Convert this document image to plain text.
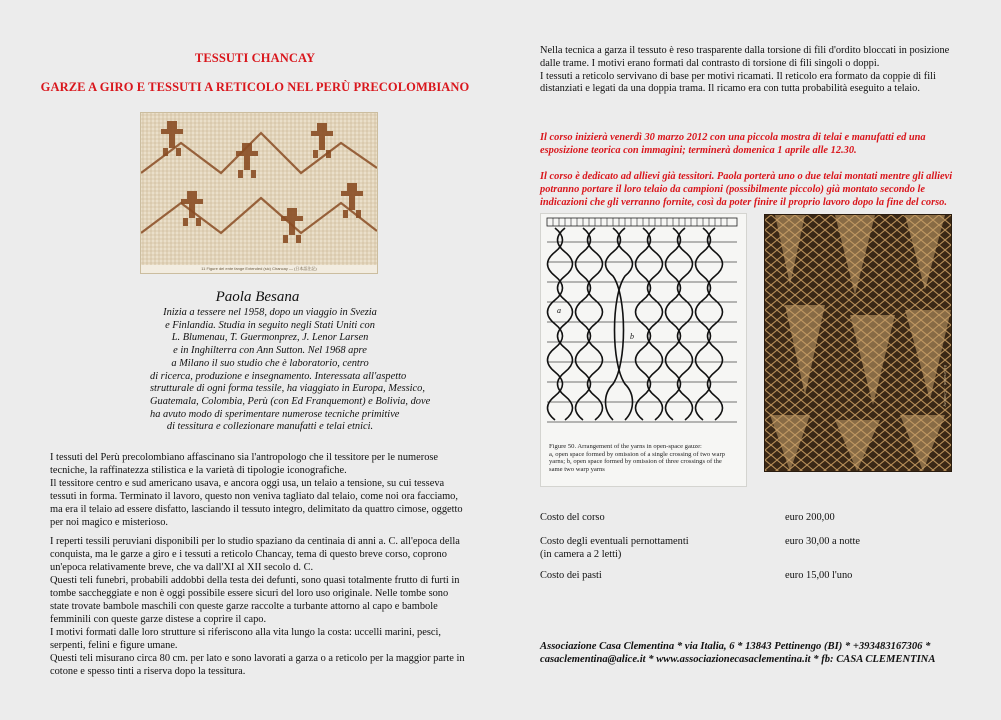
TESSUTI CHANCAY
GARZE A GIRO E TESSUTI A RETICOLO NEL PERÙ PRECOLOMBIANO
11 Figure del ente fange Extended (sic) Chancay — (日本語注記)
Paola Besana
Inizia a tessere nel 1958, dopo un viaggio in Svezia
e Finlandia. Studia in seguito negli Stati Uniti con
L. Blumenau, T. Guermonprez, J. Lenor Larsen
e in Inghilterra con Ann Sutton. Nel 1968 apre
a Milano il suo studio che è laboratorio, centro
di ricerca, produzione e insegnamento. Interessata all'aspetto
strutturale di ogni forma tessile, ha viaggiato in Europa, Messico,
Guatemala, Colombia, Perù (con Ed Franquemont) e Bolivia, dove
ha avuto modo di sperimentare numerose tecniche primitive
di tessitura e collezionare manufatti e telai etnici.
I tessuti del Perù precolombiano affascinano sia l'antropologo che il tessitore per le numerose
tecniche, la raffinatezza stilistica e la varietà di tipologie iconografiche.
Il tessitore centro e sud americano usava, e ancora oggi usa, un telaio a tensione, su cui tesseva
tessuti in forma. Terminato il lavoro, questo non veniva tagliato dal telaio, come noi ora facciamo,
ma era il telaio ad essere disfatto, lasciando il tessuto integro, delimitato da quattro cimose, oggetto
per noi magico e misterioso.
I reperti tessili peruviani disponibili per lo studio spaziano da centinaia di anni a. C. all'epoca della
conquista, ma le garze a giro e i tessuti a reticolo Chancay, tema di questo breve corso, coprono
un'epoca relativamente breve, che va dall'XI al XII secolo d. C.
Questi teli funebri, probabili addobbi della testa dei defunti, sono quasi totalmente frutto di furti in
tombe saccheggiate e non è oggi possibile essere sicuri del loro uso originale. Nelle tombe sono
state trovate bambole maschili con queste garze raccolte a turbante attorno al capo e bambole
femminili con queste garze distese a coprire il capo.
I motivi formati dalle loro strutture si riferiscono alla vita lungo la costa: uccelli marini, pesci,
serpenti, felini e figure umane.
Questi teli misurano circa 80 cm. per lato e sono lavorati a garza o a reticolo per la maggior parte in
cotone e spesso tinti a riserva dopo la tessitura.
Nella tecnica a garza il tessuto è reso trasparente dalla torsione di fili d'ordito bloccati in posizione
dalle trame. I motivi erano formati dal contrasto di torsione di fili singoli o doppi.
I tessuti a reticolo servivano di base per motivi ricamati. Il reticolo era formato da coppie di fili
distanziati e legati da una doppia trama. Il ricamo era con tutta probabilità eseguito a telaio.
Il corso inizierà venerdì 30 marzo 2012 con una piccola mostra di telai e manufatti ed una
esposizione teorica con immagini; terminerà domenica 1 aprile alle 12.30.
Il corso è dedicato ad allievi già tessitori. Paola porterà uno o due telai montati mentre gli allievi
potranno portare il loro telaio da campioni (possibilmente piccolo) già montato secondo le
indicazioni che gli verranno fornite, così da poter finire il proprio lavoro dopo la fine del corso.
a
b
Figure 50. Arrangement of the yarns in open-space gauze:
a, open space formed by omission of a single crossing of two warp
yarns; b, open space formed by omission of three crossings of the
same two warp yarns
84 Unusual ... Chancay
Costo del corso	euro 200,00
Costo degli eventuali pernottamenti
(in camera a 2 letti)
euro 30,00 a notte
Costo dei pasti	euro 15,00 l'uno
Associazione Casa Clementina * via Italia, 6 * 13843 Pettinengo (BI) * +393483167306 *
casaclementina@alice.it * www.associazionecasaclementina.it * fb: CASA CLEMENTINA
